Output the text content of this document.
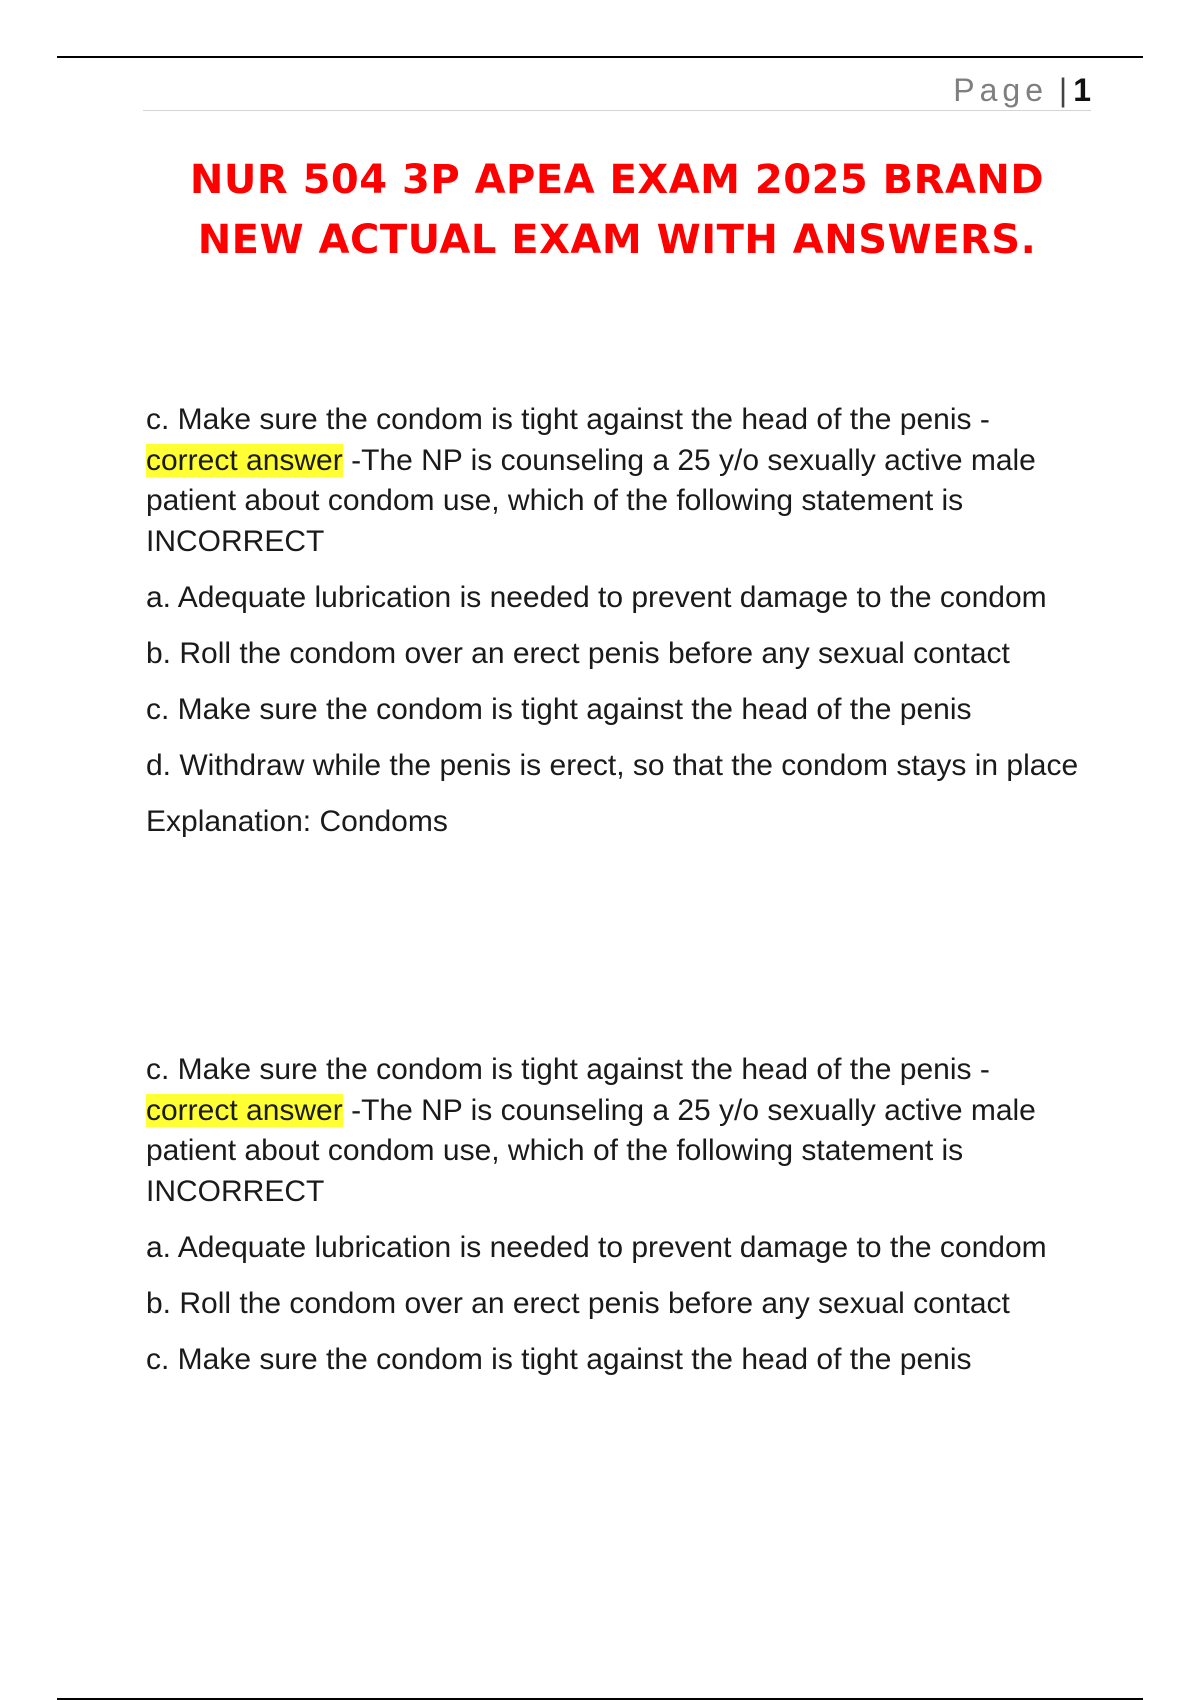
Page | 1
NUR 504 3P APEA EXAM 2025 BRAND
NEW ACTUAL EXAM WITH ANSWERS.

c. Make sure the condom is tight against the head of the penis -
correct answer -The NP is counseling a 25 y/o sexually active male patient about condom use, which of the following statement is INCORRECT

a. Adequate lubrication is needed to prevent damage to the condom

b. Roll the condom over an erect penis before any sexual contact

c. Make sure the condom is tight against the head of the penis

d. Withdraw while the penis is erect, so that the condom stays in place

Explanation: Condoms

c. Make sure the condom is tight against the head of the penis -
correct answer -The NP is counseling a 25 y/o sexually active male patient about condom use, which of the following statement is INCORRECT

a. Adequate lubrication is needed to prevent damage to the condom

b. Roll the condom over an erect penis before any sexual contact

c. Make sure the condom is tight against the head of the penis
